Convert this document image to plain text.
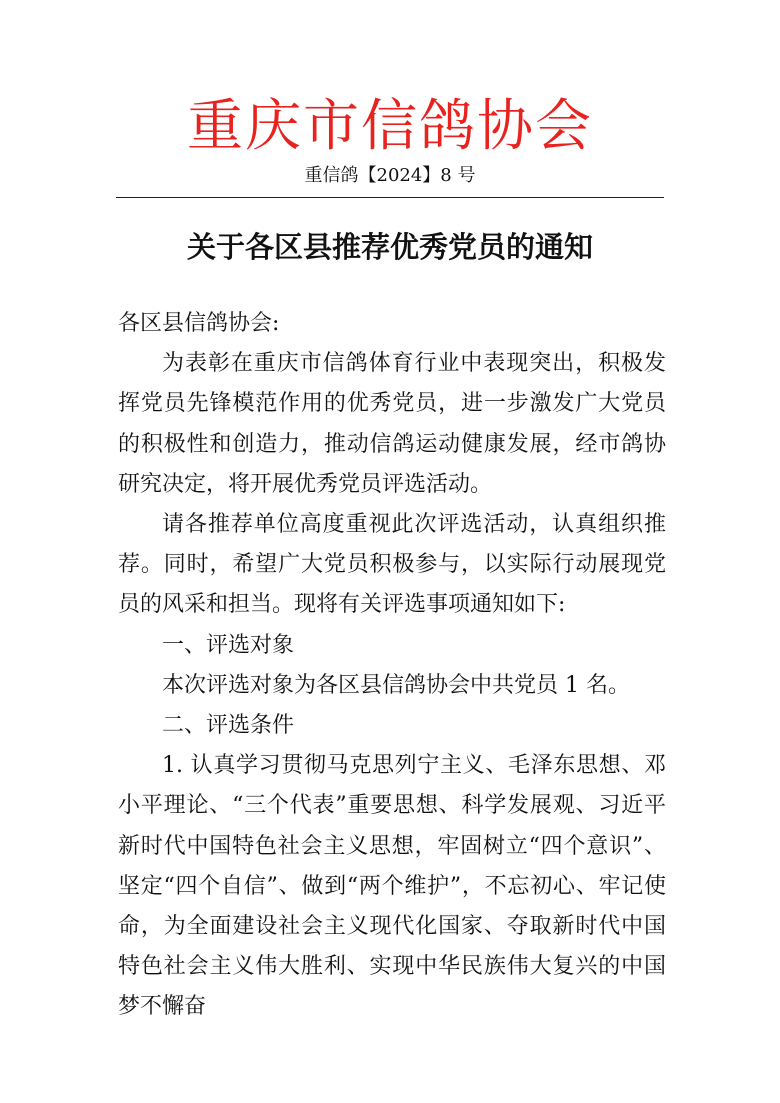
重庆市信鸽协会
重信鸽【2024】8 号
关于各区县推荐优秀党员的通知

各区县信鸽协会:

为表彰在重庆市信鸽体育行业中表现突出，积极发挥党员先锋模范作用的优秀党员，进一步激发广大党员的积极性和创造力，推动信鸽运动健康发展，经市鸽协研究决定，将开展优秀党员评选活动。

请各推荐单位高度重视此次评选活动，认真组织推荐。同时，希望广大党员积极参与，以实际行动展现党员的风采和担当。现将有关评选事项通知如下:

一、评选对象

本次评选对象为各区县信鸽协会中共党员 1 名。

二、评选条件

1. 认真学习贯彻马克思列宁主义、毛泽东思想、邓小平理论、“三个代表”重要思想、科学发展观、习近平新时代中国特色社会主义思想，牢固树立“四个意识”、坚定“四个自信”、做到“两个维护”，不忘初心、牢记使命，为全面建设社会主义现代化国家、夺取新时代中国特色社会主义伟大胜利、实现中华民族伟大复兴的中国梦不懈奋
